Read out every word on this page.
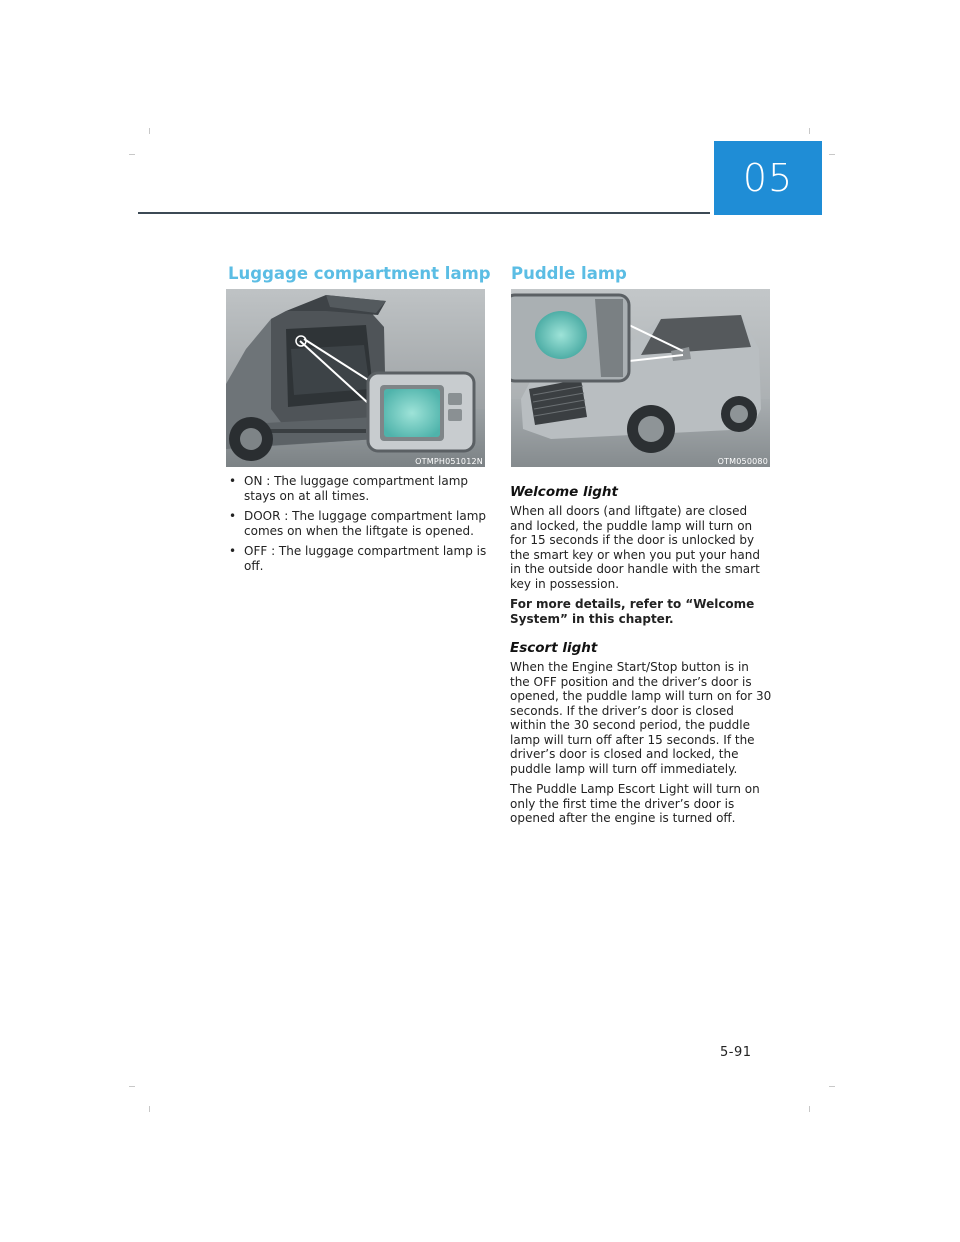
05
Luggage compartment lamp
OTMPH051012N
• ON : The luggage compartment lamp stays on at all times.
• DOOR : The luggage compartment lamp comes on when the liftgate is opened.
• OFF : The luggage compartment lamp is off.
Puddle lamp
OTM050080
Welcome light

When all doors (and liftgate) are closed and locked, the puddle lamp will turn on for 15 seconds if the door is unlocked by the smart key or when you put your hand in the outside door handle with the smart key in possession.

For more details, refer to “Welcome System” in this chapter.

Escort light

When the Engine Start/Stop button is in the OFF position and the driver’s door is opened, the puddle lamp will turn on for 30 seconds. If the driver’s door is closed within the 30 second period, the puddle lamp will turn off after 15 seconds. If the driver’s door is closed and locked, the puddle lamp will turn off immediately.

The Puddle Lamp Escort Light will turn on only the first time the driver’s door is opened after the engine is turned off.

5-91
